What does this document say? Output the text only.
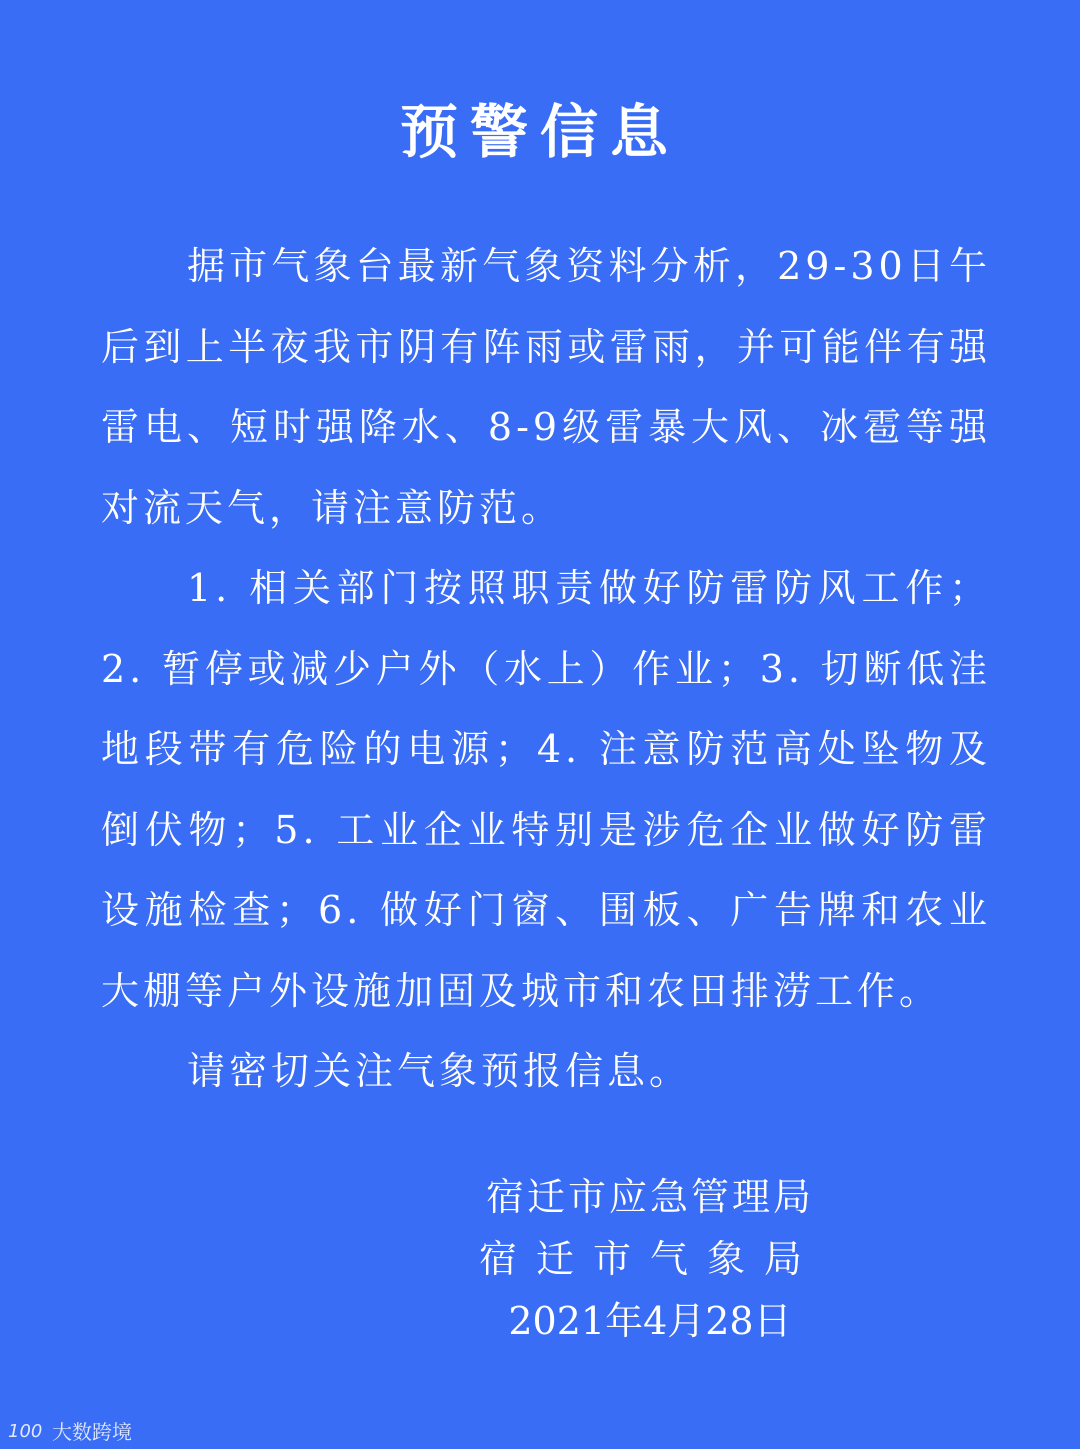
预警信息

据市气象台最新气象资料分析，29-30日午后到上半夜我市阴有阵雨或雷雨，并可能伴有强雷电、短时强降水、8-9级雷暴大风、冰雹等强对流天气，请注意防范。

1. 相关部门按照职责做好防雷防风工作；2. 暂停或减少户外（水上）作业；3. 切断低洼地段带有危险的电源；4. 注意防范高处坠物及倒伏物；5. 工业企业特别是涉危企业做好防雷设施检查；6. 做好门窗、围板、广告牌和农业大棚等户外设施加固及城市和农田排涝工作。

请密切关注气象预报信息。

宿迁市应急管理局
宿迁市气象局
2021年4月28日
100 大数跨境
